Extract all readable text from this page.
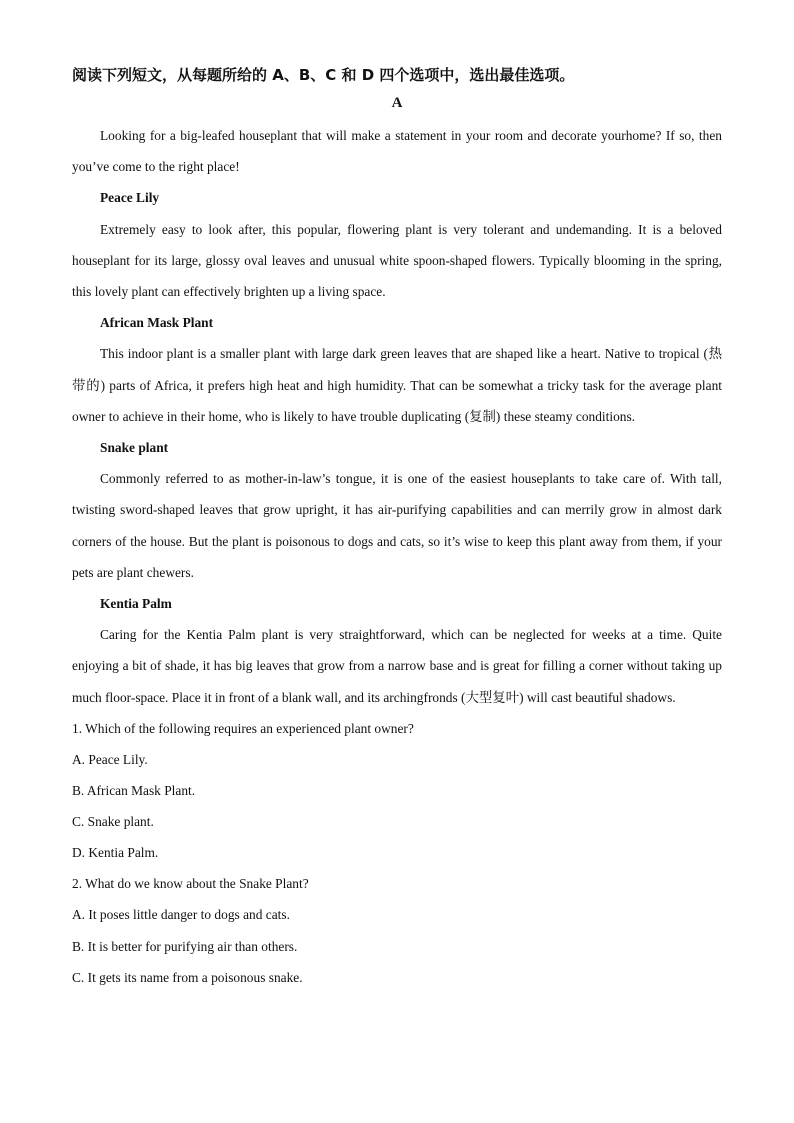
阅读下列短文，从每题所给的 A、B、C 和 D 四个选项中，选出最佳选项。
A

Looking for a big-leafed houseplant that will make a statement in your room and decorate yourhome? If so, then you’ve come to the right place!

Peace Lily

Extremely easy to look after, this popular, flowering plant is very tolerant and undemanding. It is a beloved houseplant for its large, glossy oval leaves and unusual white spoon-shaped flowers. Typically blooming in the spring, this lovely plant can effectively brighten up a living space.

African Mask Plant

This indoor plant is a smaller plant with large dark green leaves that are shaped like a heart. Native to tropical (热带的) parts of Africa, it prefers high heat and high humidity. That can be somewhat a tricky task for the average plant owner to achieve in their home, who is likely to have trouble duplicating (复制) these steamy conditions.

Snake plant

Commonly referred to as mother-in-law’s tongue, it is one of the easiest houseplants to take care of. With tall, twisting sword-shaped leaves that grow upright, it has air-purifying capabilities and can merrily grow in almost dark corners of the house. But the plant is poisonous to dogs and cats, so it’s wise to keep this plant away from them, if your pets are plant chewers.

Kentia Palm

Caring for the Kentia Palm plant is very straightforward, which can be neglected for weeks at a time. Quite enjoying a bit of shade, it has big leaves that grow from a narrow base and is great for filling a corner without taking up much floor-space. Place it in front of a blank wall, and its archingfronds (大型复叶) will cast beautiful shadows.

1. Which of the following requires an experienced plant owner?
A. Peace Lily.
B. African Mask Plant.
C. Snake plant.
D. Kentia Palm.
2. What do we know about the Snake Plant?
A. It poses little danger to dogs and cats.
B. It is better for purifying air than others.
C. It gets its name from a poisonous snake.
